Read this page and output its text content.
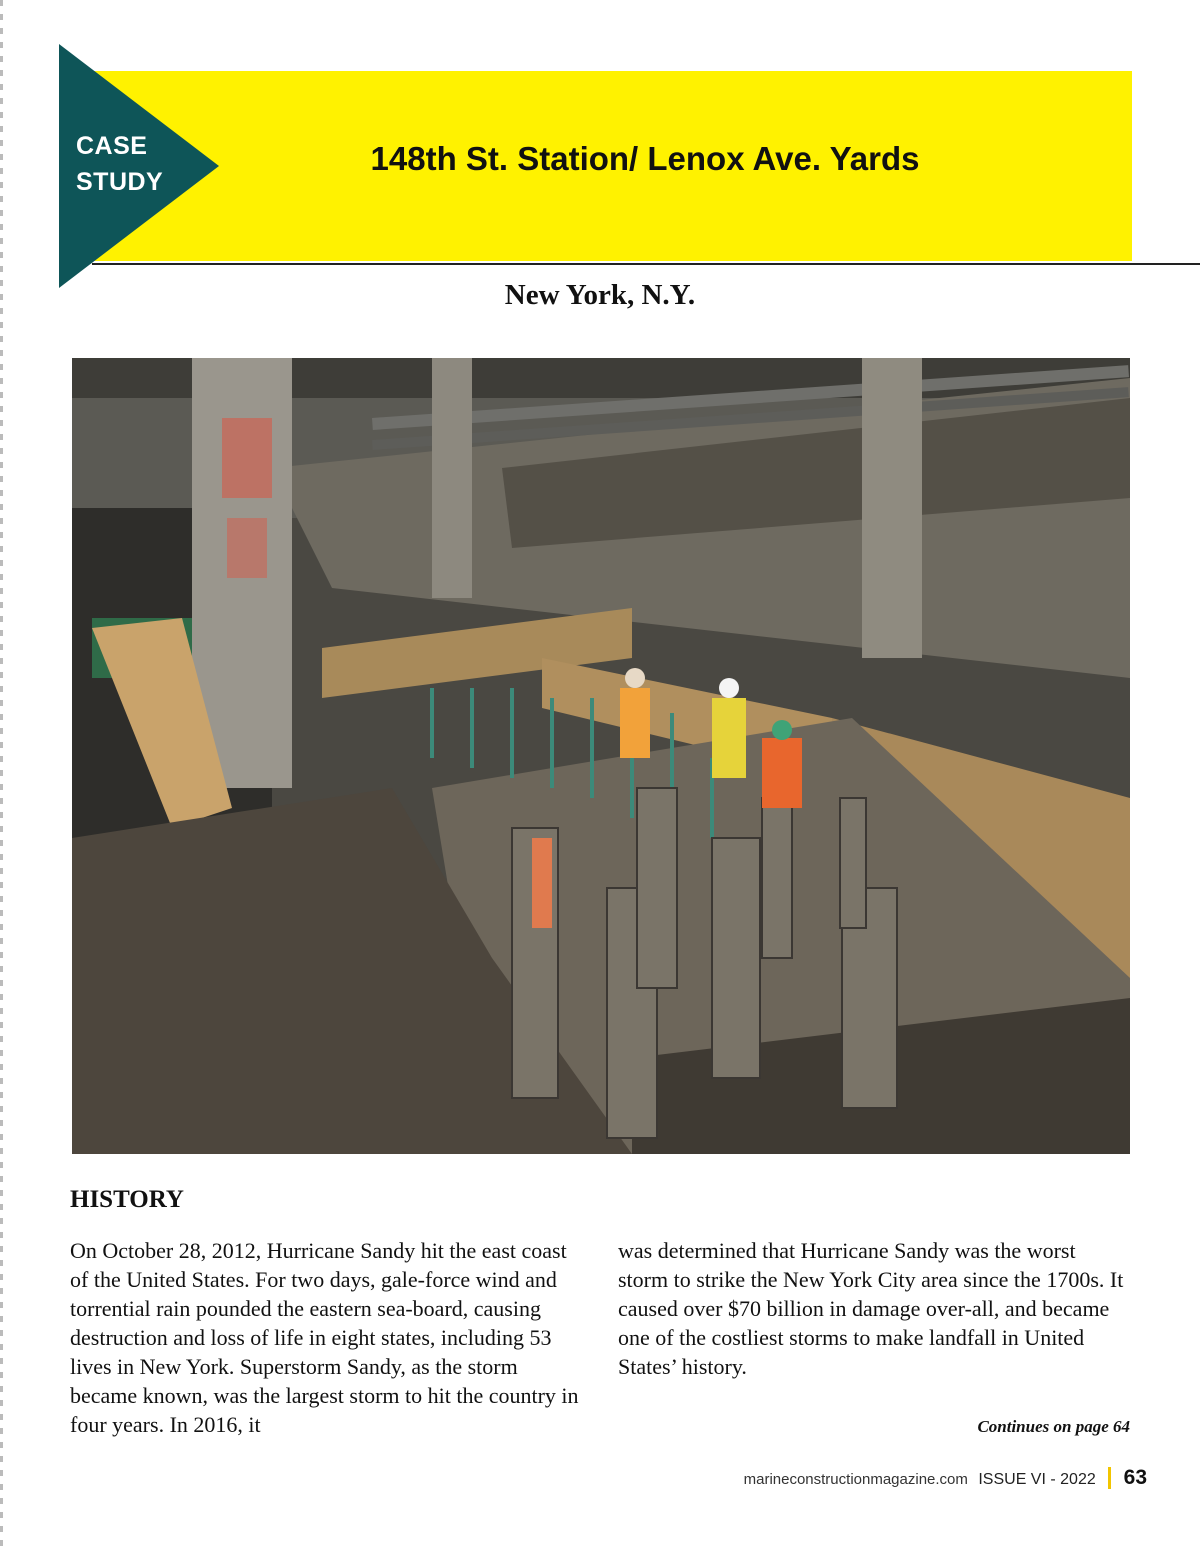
CASE
STUDY
148th St. Station/ Lenox Ave. Yards
New York, N.Y.
HISTORY
On October 28, 2012, Hurricane Sandy hit the east coast of the United States. For two days, gale-force wind and torrential rain pounded the eastern sea-board, causing destruction and loss of life in eight states, including 53 lives in New York. Superstorm Sandy, as the storm became known, was the largest storm to hit the country in four years. In 2016, it
was determined that Hurricane Sandy was the worst storm to strike the New York City area since the 1700s. It caused over $70 billion in damage over-all, and became one of the costliest storms to make landfall in United States’ history.
Continues on page 64
marineconstructionmagazine.com ISSUE VI - 2022 63
